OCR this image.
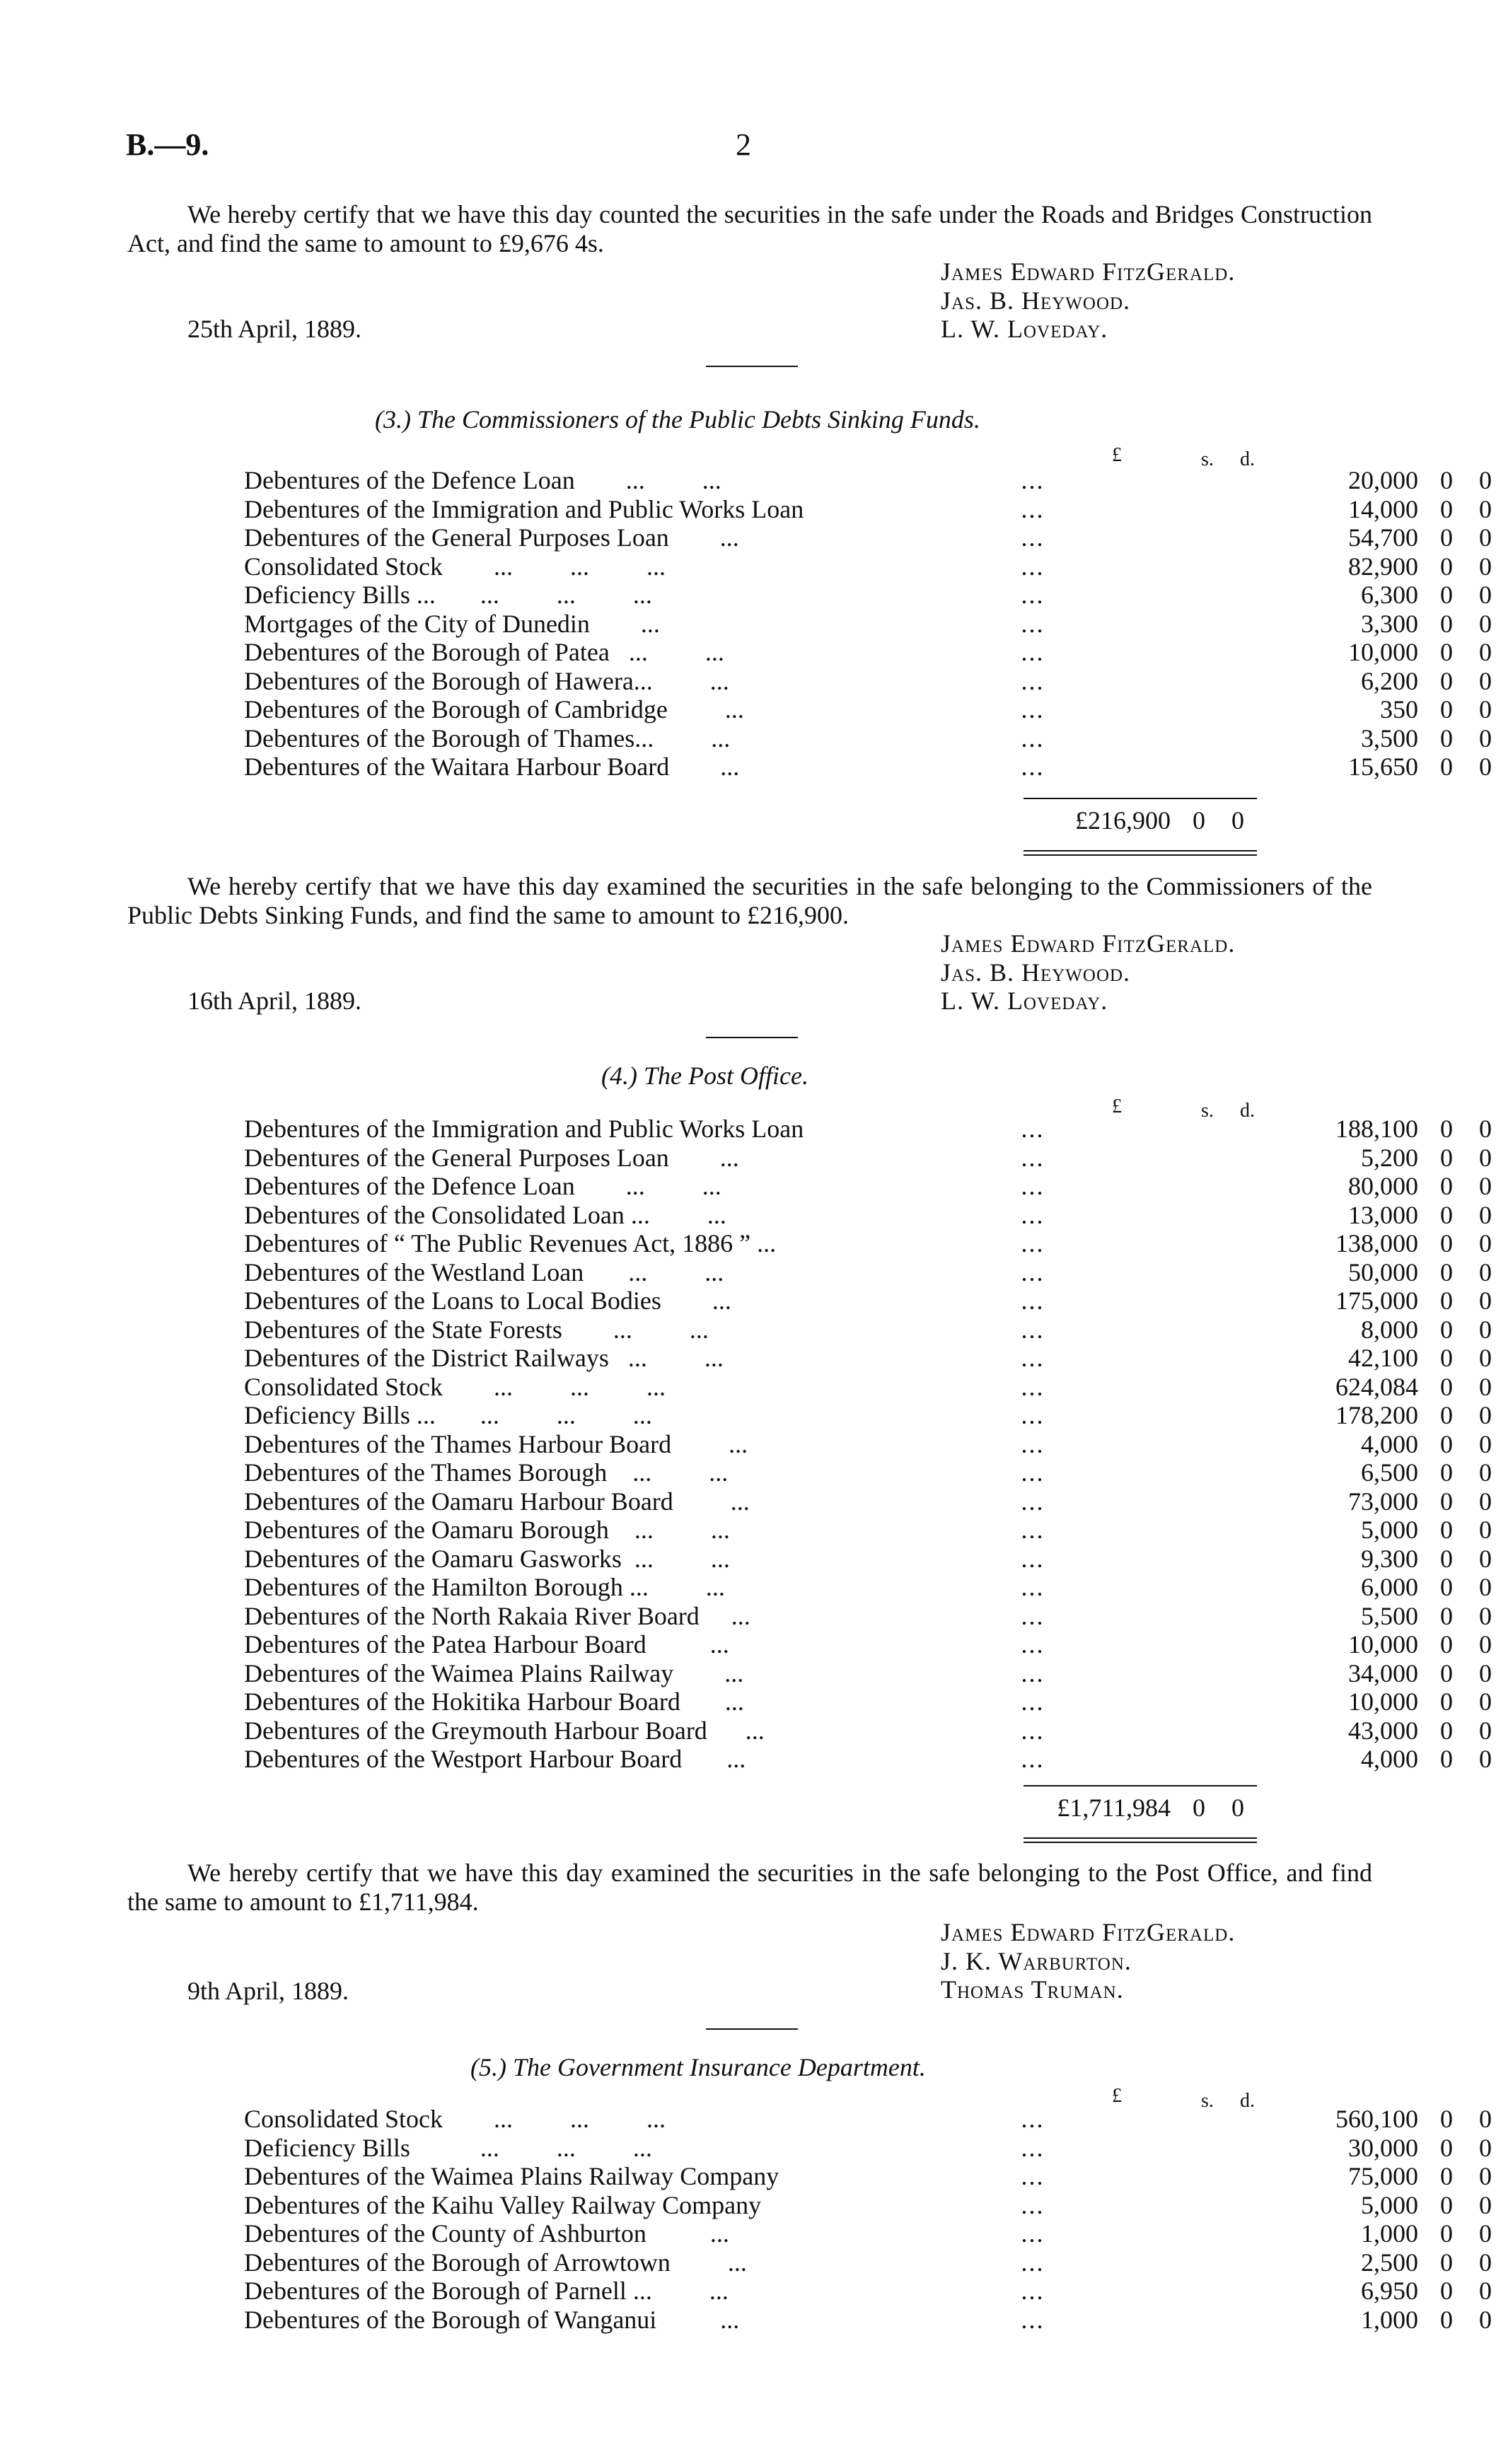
B.—9.	2

We hereby certify that we have this day counted the securities in the safe under the Roads and Bridges Construction Act, and find the same to amount to £9,676 4s.

James Edward FitzGerald.
Jas. B. Heywood.
L. W. Loveday.
25th April, 1889.
(3.) The Commissioners of the Public Debts Sinking Funds.
£	s. d.
Debentures of the Defence Loan        ...         ...	...	20,000 0 0
Debentures of the Immigration and Public Works Loan	...	14,000 0 0
Debentures of the General Purposes Loan        ...	...	54,700 0 0
Consolidated Stock        ...         ...         ...	...	82,900 0 0
Deficiency Bills ...       ...         ...         ...	...	6,300 0 0
Mortgages of the City of Dunedin        ...	...	3,300 0 0
Debentures of the Borough of Patea   ...         ...	...	10,000 0 0
Debentures of the Borough of Hawera...         ...	...	6,200 0 0
Debentures of the Borough of Cambridge         ...	...	350 0 0
Debentures of the Borough of Thames...         ...	...	3,500 0 0
Debentures of the Waitara Harbour Board        ...	...	15,650 0 0
£216,900 0 0

We hereby certify that we have this day examined the securities in the safe belonging to the Commissioners of the Public Debts Sinking Funds, and find the same to amount to £216,900.

James Edward FitzGerald.
Jas. B. Heywood.
L. W. Loveday.
16th April, 1889.
(4.) The Post Office.
£	s. d.
Debentures of the Immigration and Public Works Loan	...	188,100 0 0
Debentures of the General Purposes Loan        ...	...	5,200 0 0
Debentures of the Defence Loan        ...         ...	...	80,000 0 0
Debentures of the Consolidated Loan ...         ...	...	13,000 0 0
Debentures of “ The Public Revenues Act, 1886 ” ...	...	138,000 0 0
Debentures of the Westland Loan       ...         ...	...	50,000 0 0
Debentures of the Loans to Local Bodies        ...	...	175,000 0 0
Debentures of the State Forests        ...         ...	...	8,000 0 0
Debentures of the District Railways   ...         ...	...	42,100 0 0
Consolidated Stock        ...         ...         ...	...	624,084 0 0
Deficiency Bills ...       ...         ...         ...	...	178,200 0 0
Debentures of the Thames Harbour Board         ...	...	4,000 0 0
Debentures of the Thames Borough    ...         ...	...	6,500 0 0
Debentures of the Oamaru Harbour Board         ...	...	73,000 0 0
Debentures of the Oamaru Borough    ...         ...	...	5,000 0 0
Debentures of the Oamaru Gasworks  ...         ...	...	9,300 0 0
Debentures of the Hamilton Borough ...         ...	...	6,000 0 0
Debentures of the North Rakaia River Board     ...	...	5,500 0 0
Debentures of the Patea Harbour Board          ...	...	10,000 0 0
Debentures of the Waimea Plains Railway        ...	...	34,000 0 0
Debentures of the Hokitika Harbour Board       ...	...	10,000 0 0
Debentures of the Greymouth Harbour Board      ...	...	43,000 0 0
Debentures of the Westport Harbour Board       ...	...	4,000 0 0
£1,711,984 0 0

We hereby certify that we have this day examined the securities in the safe belonging to the Post Office, and find the same to amount to £1,711,984.

James Edward FitzGerald.
J. K. Warburton.
Thomas Truman.
9th April, 1889.
(5.) The Government Insurance Department.
£	s. d.
Consolidated Stock        ...         ...         ...	...	560,100 0 0
Deficiency Bills           ...         ...         ...	...	30,000 0 0
Debentures of the Waimea Plains Railway Company	...	75,000 0 0
Debentures of the Kaihu Valley Railway Company	...	5,000 0 0
Debentures of the County of Ashburton          ...	...	1,000 0 0
Debentures of the Borough of Arrowtown         ...	...	2,500 0 0
Debentures of the Borough of Parnell ...         ...	...	6,950 0 0
Debentures of the Borough of Wanganui          ...	...	1,000 0 0
